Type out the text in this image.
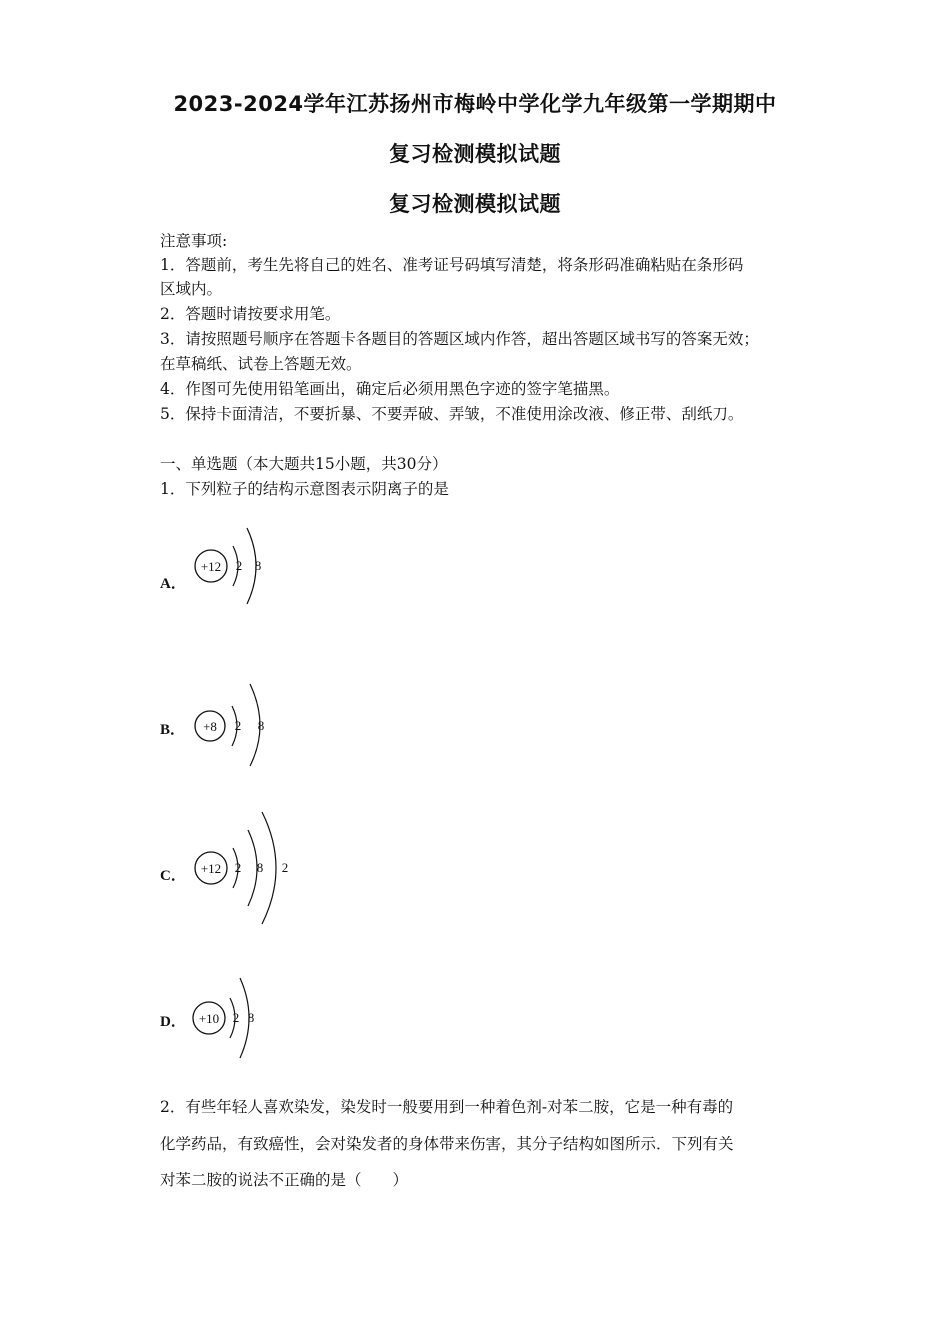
2023-2024学年江苏扬州市梅岭中学化学九年级第一学期期中
复习检测模拟试题
复习检测模拟试题
注意事项:
1．答题前，考生先将自己的姓名、准考证号码填写清楚，将条形码准确粘贴在条形码
区域内。
2．答题时请按要求用笔。
3．请按照题号顺序在答题卡各题目的答题区域内作答，超出答题区域书写的答案无效；
在草稿纸、试卷上答题无效。
4．作图可先使用铅笔画出，确定后必须用黑色字迹的签字笔描黑。
5．保持卡面清洁，不要折暴、不要弄破、弄皱，不准使用涂改液、修正带、刮纸刀。
一、单选题（本大题共15小题，共30分）
1．下列粒子的结构示意图表示阴离子的是
A．
+12 2 8
B． +8 2 8
C． +12 2 8 2
D． +10 2 8
2．有些年轻人喜欢染发，染发时一般要用到一种着色剂-对苯二胺，它是一种有毒的
化学药品，有致癌性，会对染发者的身体带来伤害，其分子结构如图所示．下列有关
对苯二胺的说法不正确的是（　　）
